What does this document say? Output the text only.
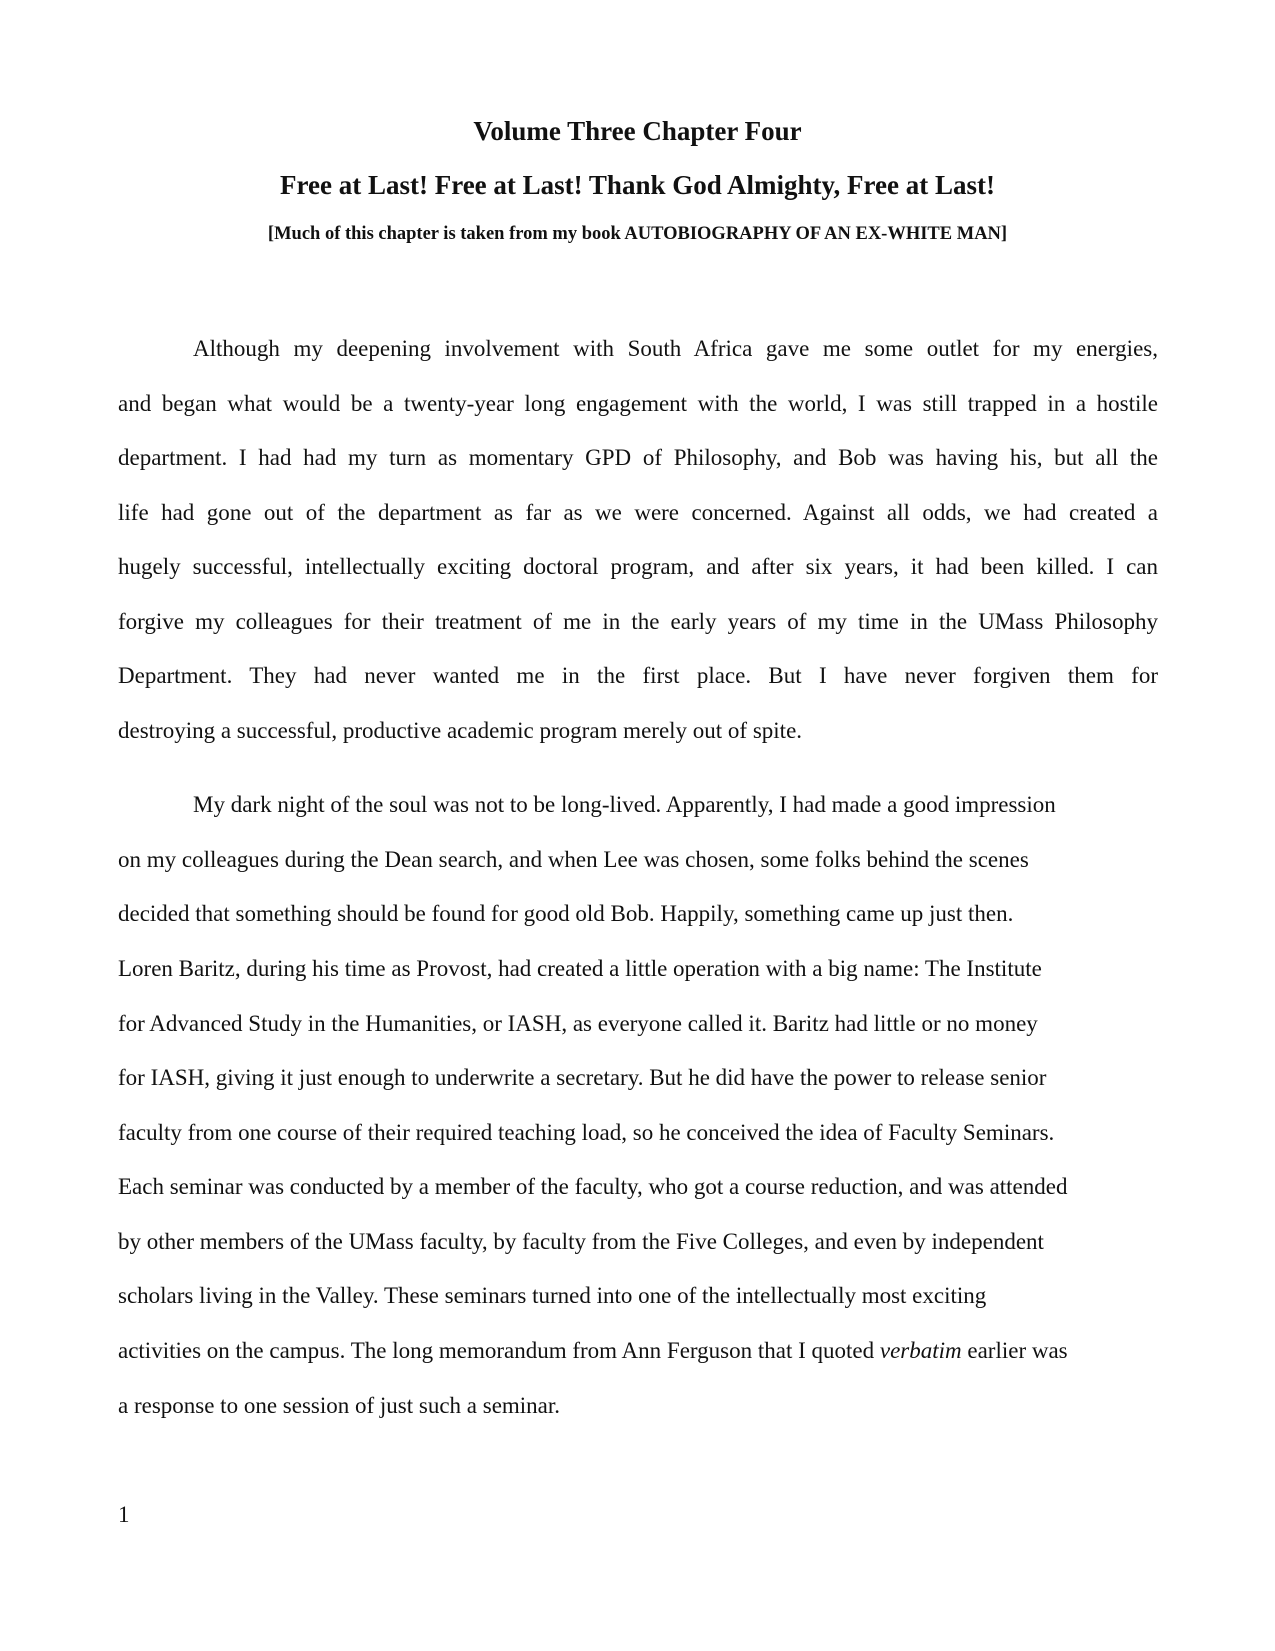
Volume Three Chapter Four
Free at Last! Free at Last! Thank God Almighty, Free at Last!

[Much of this chapter is taken from my book AUTOBIOGRAPHY OF AN EX-WHITE MAN]

Although my deepening involvement with South Africa gave me some outlet for my energies,

and began what would be a twenty-year long engagement with the world, I was still trapped in a hostile

department. I had had my turn as momentary GPD of Philosophy, and Bob was having his, but all the

life had gone out of the department as far as we were concerned. Against all odds, we had created a

hugely successful, intellectually exciting doctoral program, and after six years, it had been killed. I can

forgive my colleagues for their treatment of me in the early years of my time in the UMass Philosophy

Department. They had never wanted me in the first place. But I have never forgiven them for

destroying a successful, productive academic program merely out of spite.

My dark night of the soul was not to be long-lived. Apparently, I had made a good impression

on my colleagues during the Dean search, and when Lee was chosen, some folks behind the scenes

decided that something should be found for good old Bob. Happily, something came up just then.

Loren Baritz, during his time as Provost, had created a little operation with a big name: The Institute

for Advanced Study in the Humanities, or IASH, as everyone called it. Baritz had little or no money

for IASH, giving it just enough to underwrite a secretary. But he did have the power to release senior

faculty from one course of their required teaching load, so he conceived the idea of Faculty Seminars.

Each seminar was conducted by a member of the faculty, who got a course reduction, and was attended

by other members of the UMass faculty, by faculty from the Five Colleges, and even by independent

scholars living in the Valley. These seminars turned into one of the intellectually most exciting

activities on the campus. The long memorandum from Ann Ferguson that I quoted verbatim earlier was

a response to one session of just such a seminar.

1
